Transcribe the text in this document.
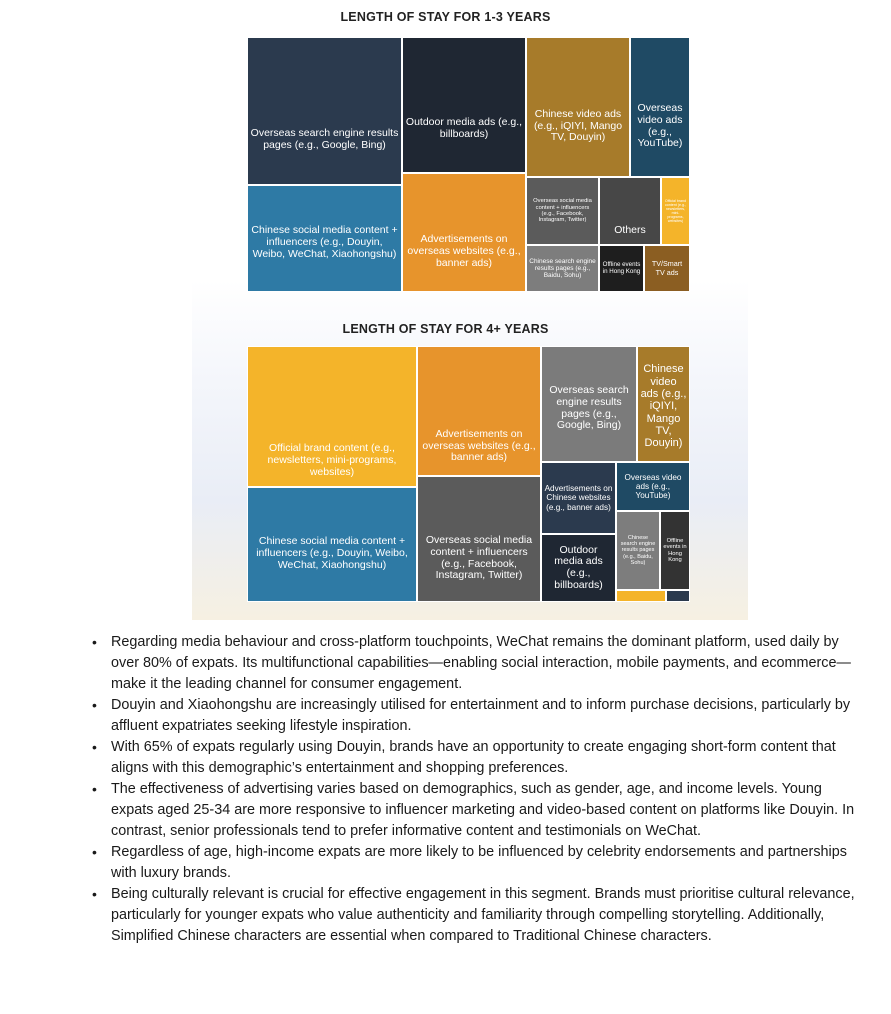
LENGTH OF STAY FOR 1-3 YEARS
Overseas search engine results pages (e.g., Google, Bing)
Chinese social media content + influencers (e.g., Douyin, Weibo, WeChat, Xiaohongshu)
Outdoor media ads (e.g., billboards)
Advertisements on overseas websites (e.g., banner ads)
Chinese video ads (e.g., iQIYI, Mango TV, Douyin)
Overseas video ads (e.g., YouTube)
Overseas social media content + influencers (e.g., Facebook, Instagram, Twitter)
Chinese search engine results pages (e.g., Baidu, Sohu)
Others
Official brand content (e.g., newsletters, mini-programs, websites)
Offline events in Hong Kong
TV/Smart TV ads
LENGTH OF STAY FOR 4+ YEARS
Official brand content (e.g., newsletters, mini-programs, websites)
Chinese social media content + influencers (e.g., Douyin, Weibo, WeChat, Xiaohongshu)
Advertisements on overseas websites (e.g., banner ads)
Overseas social media content + influencers (e.g., Facebook, Instagram, Twitter)
Overseas search engine results pages (e.g., Google, Bing)
Chinese video ads (e.g., iQIYI, Mango TV, Douyin)
Advertisements on Chinese websites (e.g., banner ads)
Overseas video ads (e.g., YouTube)
Outdoor media ads (e.g., billboards)
Chinese search engine results pages (e.g., Baidu, Sohu)
Offline events in Hong Kong
• Regarding media behaviour and cross-platform touchpoints, WeChat remains the dominant platform, used daily by over 80% of expats. Its multifunctional capabilities—enabling social interaction, mobile payments, and ecommerce—make it the leading channel for consumer engagement.
• Douyin and Xiaohongshu are increasingly utilised for entertainment and to inform purchase decisions, particularly by affluent expatriates seeking lifestyle inspiration.
• With 65% of expats regularly using Douyin, brands have an opportunity to create engaging short-form content that aligns with this demographic’s entertainment and shopping preferences.
• The effectiveness of advertising varies based on demographics, such as gender, age, and income levels. Young expats aged 25-34 are more responsive to influencer marketing and video-based content on platforms like Douyin. In contrast, senior professionals tend to prefer informative content and testimonials on WeChat.
• Regardless of age, high-income expats are more likely to be influenced by celebrity endorsements and partnerships with luxury brands.
• Being culturally relevant is crucial for effective engagement in this segment. Brands must prioritise cultural relevance, particularly for younger expats who value authenticity and familiarity through compelling storytelling. Additionally, Simplified Chinese characters are essential when compared to Traditional Chinese characters.
